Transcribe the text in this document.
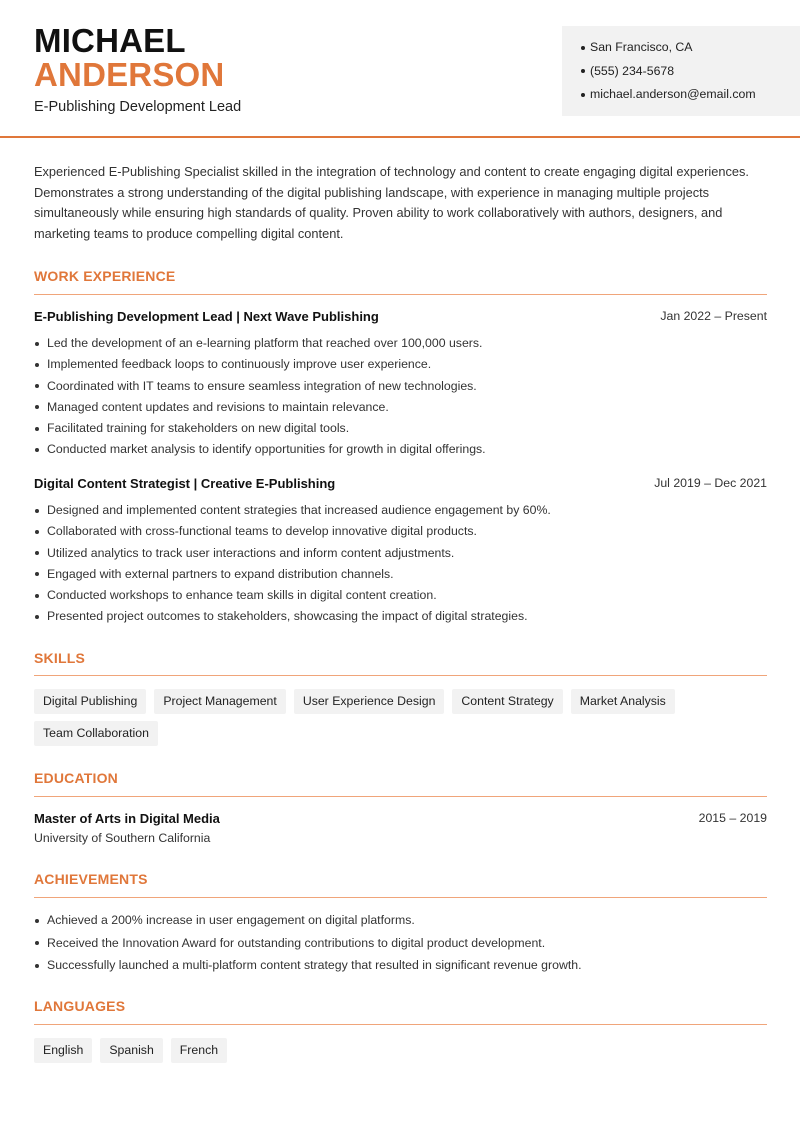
MICHAEL
ANDERSON
E-Publishing Development Lead
San Francisco, CA
(555) 234-5678
michael.anderson@email.com

Experienced E-Publishing Specialist skilled in the integration of technology and content to create engaging digital experiences. Demonstrates a strong understanding of the digital publishing landscape, with experience in managing multiple projects simultaneously while ensuring high standards of quality. Proven ability to work collaboratively with authors, designers, and marketing teams to produce compelling digital content.

WORK EXPERIENCE
E-Publishing Development Lead | Next Wave Publishing	Jan 2022 – Present
Led the development of an e-learning platform that reached over 100,000 users.
Implemented feedback loops to continuously improve user experience.
Coordinated with IT teams to ensure seamless integration of new technologies.
Managed content updates and revisions to maintain relevance.
Facilitated training for stakeholders on new digital tools.
Conducted market analysis to identify opportunities for growth in digital offerings.
Digital Content Strategist | Creative E-Publishing	Jul 2019 – Dec 2021
Designed and implemented content strategies that increased audience engagement by 60%.
Collaborated with cross-functional teams to develop innovative digital products.
Utilized analytics to track user interactions and inform content adjustments.
Engaged with external partners to expand distribution channels.
Conducted workshops to enhance team skills in digital content creation.
Presented project outcomes to stakeholders, showcasing the impact of digital strategies.
SKILLS
Digital Publishing	Project Management	User Experience Design	Content Strategy	Market Analysis
Team Collaboration
EDUCATION
Master of Arts in Digital Media	2015 – 2019
University of Southern California
ACHIEVEMENTS
Achieved a 200% increase in user engagement on digital platforms.
Received the Innovation Award for outstanding contributions to digital product development.
Successfully launched a multi-platform content strategy that resulted in significant revenue growth.
LANGUAGES
English	Spanish	French
